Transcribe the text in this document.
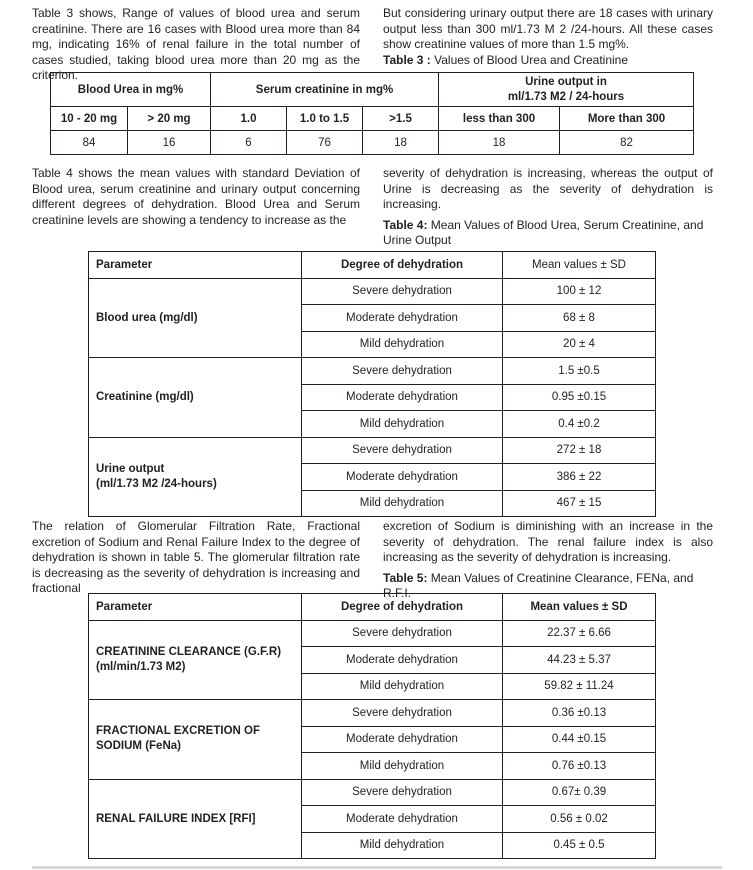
Table 3 shows, Range of values of blood urea and serum creatinine. There are 16 cases with Blood urea more than 84 mg, indicating 16% of renal failure in the total number of cases studied, taking blood urea more than 20 mg as the criterion.

But considering urinary output there are 18 cases with urinary output less than 300 ml/1.73 M 2 /24-hours. All these cases show creatinine values of more than 1.5 mg%.

Table 3 : Values of Blood Urea and Creatinine

Blood Urea in mg%		Serum creatinine in mg%			Urine output in
ml/1.73 M2 / 24-hours	

10 - 20 mg	> 20 mg	1.0	1.0 to 1.5	>1.5	less than 300	More than 300
84	16	6	76	18	18	82

Table 4 shows the mean values with standard Deviation of Blood urea, serum creatinine and urinary output concerning different degrees of dehydration. Blood Urea and Serum creatinine levels are showing a tendency to increase as the

severity of dehydration is increasing, whereas the output of Urine is decreasing as the severity of dehydration is increasing.

Table 4: Mean Values of Blood Urea, Serum Creatinine, and Urine Output

Parameter	Degree of dehydration	Mean values ± SD
Blood urea (mg/dl)	Severe dehydration	100 ± 12
	Moderate dehydration	68 ± 8
	Mild dehydration	20 ± 4
Creatinine (mg/dl)	Severe dehydration	1.5 ±0.5
	Moderate dehydration	0.95 ±0.15
	Mild dehydration	0.4 ±0.2

Urine output
(ml/1.73 M2 /24-hours)	Severe dehydration	272 ± 18
	Moderate dehydration	386 ± 22
	Mild dehydration	467 ± 15

The relation of Glomerular Filtration Rate, Fractional excretion of Sodium and Renal Failure Index to the degree of dehydration is shown in table 5. The glomerular filtration rate is decreasing as the severity of dehydration is increasing and fractional

excretion of Sodium is diminishing with an increase in the severity of dehydration. The renal failure index is also increasing as the severity of dehydration is increasing.

Table 5: Mean Values of Creatinine Clearance, FENa, and R.F.I.

Parameter	Degree of dehydration	Mean values ± SD

CREATININE CLEARANCE (G.F.R)
(ml/min/1.73 M2)	Severe dehydration	22.37 ± 6.66
	Moderate dehydration	44.23 ± 5.37
	Mild dehydration	59.82 ± 11.24

FRACTIONAL EXCRETION OF
SODIUM (FeNa)	Severe dehydration	0.36 ±0.13
	Moderate dehydration	0.44 ±0.15
	Mild dehydration	0.76 ±0.13
RENAL FAILURE INDEX [RFI]	Severe dehydration	0.67± 0.39
	Moderate dehydration	0.56 ± 0.02
	Mild dehydration	0.45 ± 0.5
